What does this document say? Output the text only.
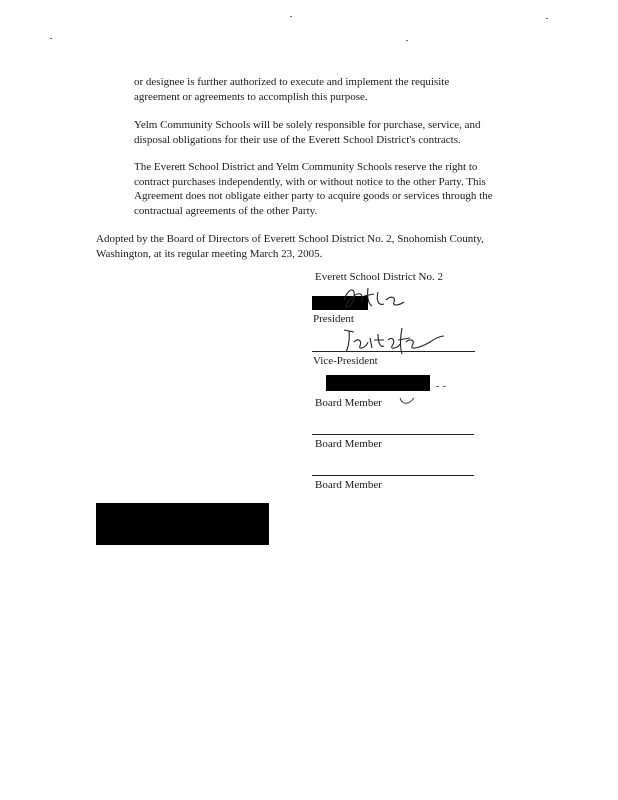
or designee is further authorized to execute and implement the requisite
agreement or agreements to accomplish this purpose.
Yelm Community Schools will be solely responsible for purchase, service, and
disposal obligations for their use of the Everett School District's contracts.
The Everett School District and Yelm Community Schools reserve the right to
contract purchases independently, with or without notice to the other Party. This
Agreement does not obligate either party to acquire goods or services through the
contractual agreements of the other Party.
Adopted by the Board of Directors of Everett School District No. 2, Snohomish County,
Washington, at its regular meeting March 23, 2005.
Everett School District No. 2
President
Vice-President
Board Member
Board Member
Board Member
